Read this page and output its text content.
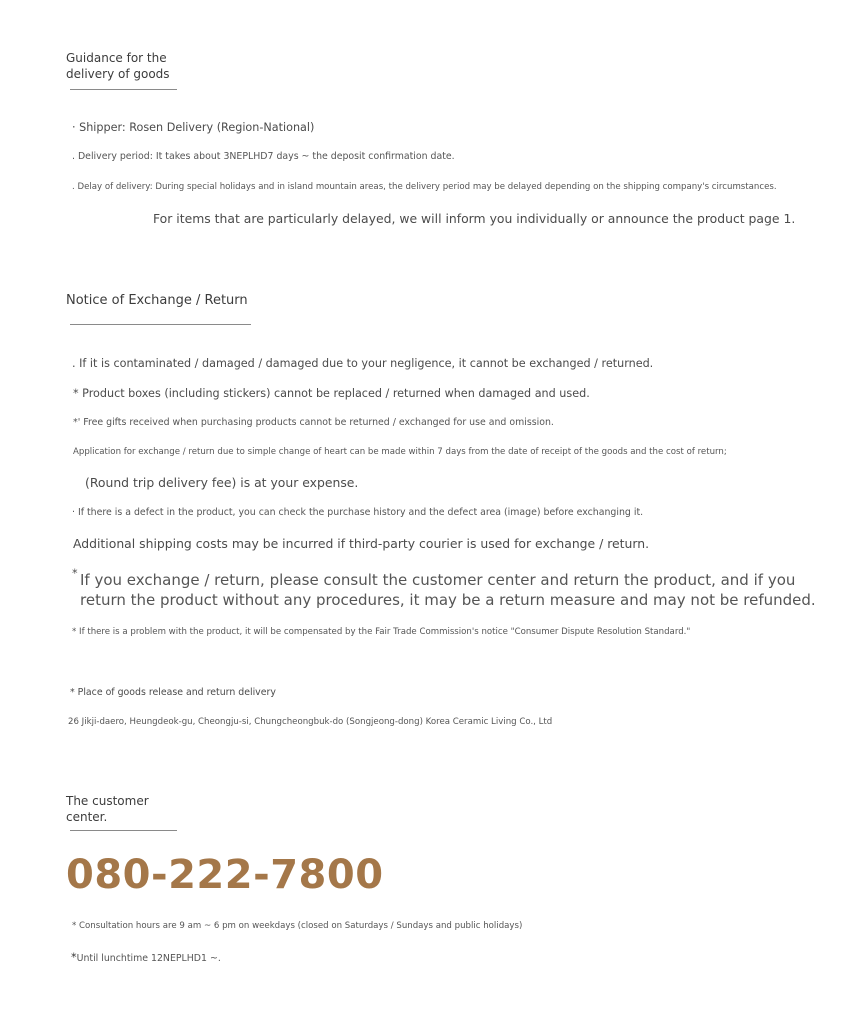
Guidance for the
delivery of goods
· Shipper: Rosen Delivery (Region-National)
. Delivery period: It takes about 3NEPLHD7 days ~ the deposit confirmation date.
. Delay of delivery: During special holidays and in island mountain areas, the delivery period may be delayed depending on the shipping company's circumstances.
For items that are particularly delayed, we will inform you individually or announce the product page 1.
Notice of Exchange / Return
. If it is contaminated / damaged / damaged due to your negligence, it cannot be exchanged / returned.
* Product boxes (including stickers) cannot be replaced / returned when damaged and used.
*' Free gifts received when purchasing products cannot be returned / exchanged for use and omission.
Application for exchange / return due to simple change of heart can be made within 7 days from the date of receipt of the goods and the cost of return;
(Round trip delivery fee) is at your expense.
· If there is a defect in the product, you can check the purchase history and the defect area (image) before exchanging it.
Additional shipping costs may be incurred if third-party courier is used for exchange / return.
* If you exchange / return, please consult the customer center and return the product, and if you
return the product without any procedures, it may be a return measure and may not be refunded.
* If there is a problem with the product, it will be compensated by the Fair Trade Commission's notice "Consumer Dispute Resolution Standard."
* Place of goods release and return delivery
26 Jikji-daero, Heungdeok-gu, Cheongju-si, Chungcheongbuk-do (Songjeong-dong) Korea Ceramic Living Co., Ltd
The customer
center.
080-222-7800
* Consultation hours are 9 am ~ 6 pm on weekdays (closed on Saturdays / Sundays and public holidays)
*Until lunchtime 12NEPLHD1 ~.
